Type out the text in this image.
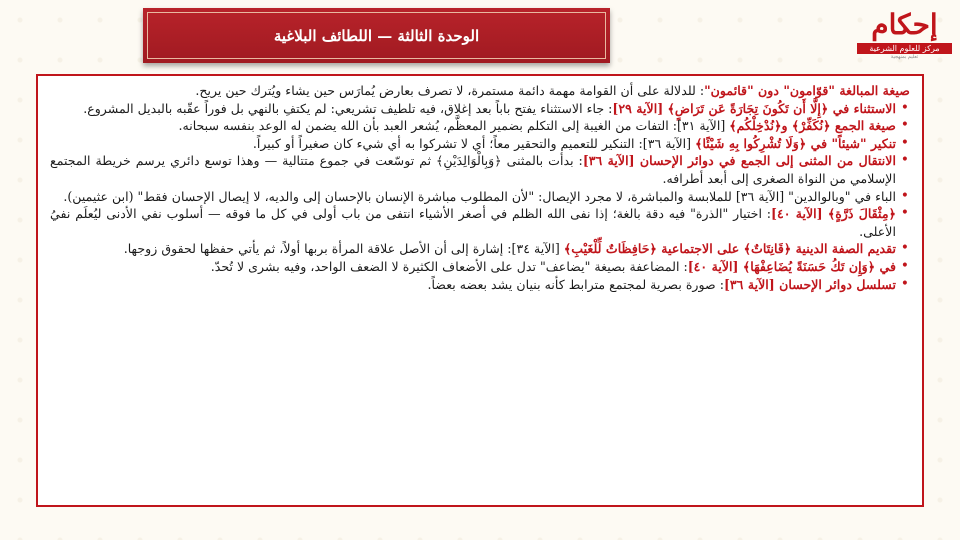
الوحدة الثالثة — اللطائف البلاغية	إحكام
مركز للعلوم الشرعية
تعليم بمنهجية

صيغة المبالغة "قوّامون" دون "قائمون": للدلالة على أن القوامة مهمة دائمة مستمرة، لا تصرف بعارض يُمارَس حين يشاء ويُترك حين يريح.

• الاستثناء في ﴿إِلَّا أَن تَكُونَ تِجَارَةً عَن تَرَاضٍ﴾ [الآية ٢٩]: جاء الاستثناء يفتح باباً بعد إغلاق، فيه تلطيف تشريعي: لم يكتفِ بالنهي بل فوراً عقّبه بالبديل المشروع.

• صيغة الجمع ﴿نُكَفِّرْ﴾ و﴿نُدْخِلْكُم﴾ [الآية ٣١]: التفات من الغيبة إلى التكلم بضمير المعظَّم، يُشعر العبد بأن الله يضمن له الوعد بنفسه سبحانه.

• تنكير "شيئاً" في ﴿وَلَا تُشْرِكُوا بِهِ شَيْئًا﴾ [الآية ٣٦]: التنكير للتعميم والتحقير معاً؛ أي لا تشركوا به أي شيء كان صغيراً أو كبيراً.

• الانتقال من المثنى إلى الجمع في دوائر الإحسان [الآية ٣٦]: بدأت بالمثنى ﴿وَبِالْوَالِدَيْنِ﴾ ثم توسّعت في جموع متتالية — وهذا توسع دائري يرسم خريطة المجتمع الإسلامي من النواة الصغرى إلى أبعد أطرافه.

• الباء في "وبالوالدين" [الآية ٣٦] للملابسة والمباشرة، لا مجرد الإيصال: "لأن المطلوب مباشرة الإنسان بالإحسان إلى والديه، لا إيصال الإحسان فقط" (ابن عثيمين).

• ﴿مِثْقَالَ ذَرَّةٍ﴾ [الآية ٤٠]: اختيار "الذرة" فيه دقة بالغة؛ إذا نفى الله الظلم في أصغر الأشياء انتفى من باب أولى في كل ما فوقه — أسلوب نفي الأدنى ليُعلَم نفيُ الأعلى.

• تقديم الصفة الدينية ﴿قَانِتَاتٌ﴾ على الاجتماعية ﴿حَافِظَاتٌ لِّلْغَيْبِ﴾ [الآية ٣٤]: إشارة إلى أن الأصل علاقة المرأة بربها أولاً، ثم يأتي حفظها لحقوق زوجها.

• في ﴿وَإِن تَكُ حَسَنَةً يُضَاعِفْهَا﴾ [الآية ٤٠]: المضاعفة بصيغة "يضاعف" تدل على الأضعاف الكثيرة لا الضعف الواحد، وفيه بشرى لا تُحدّ.

• تسلسل دوائر الإحسان [الآية ٣٦]: صورة بصرية لمجتمع مترابط كأنه بنيان يشد بعضه بعضاً.
